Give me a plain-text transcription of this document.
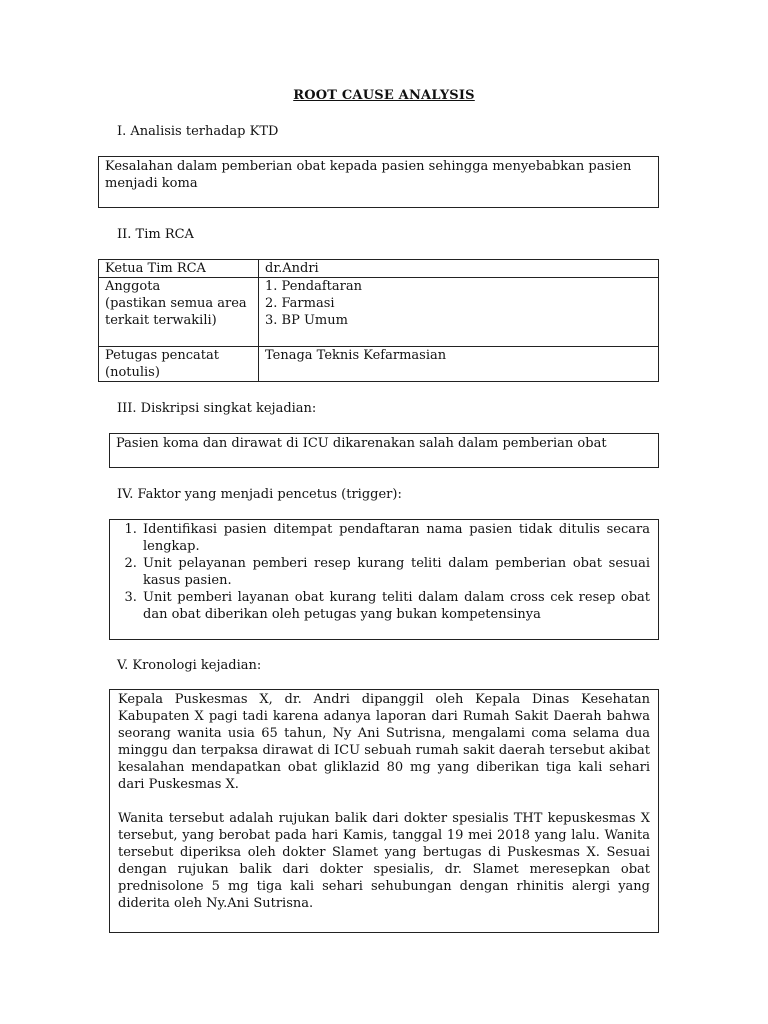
ROOT CAUSE ANALYSIS
I. Analisis terhadap KTD

Kesalahan dalam pemberian obat kepada pasien sehingga menyebabkan pasien menjadi koma

II. Tim RCA
Ketua Tim RCA	dr.Andri

Anggota
(pastikan semua area
terkait terwakili)	1. Pendaftaran
2. Farmasi
3. BP Umum

Petugas pencatat
(notulis)	Tenaga Teknis Kefarmasian
III. Diskripsi singkat kejadian:

Pasien koma dan dirawat di ICU dikarenakan salah dalam pemberian obat

IV. Faktor yang menjadi pencetus (trigger):
1. Identifikasi pasien ditempat pendaftaran nama pasien tidak ditulis secara lengkap.
2. Unit pelayanan pemberi resep kurang teliti dalam pemberian obat sesuai kasus pasien.
3. Unit pemberi layanan obat kurang teliti dalam dalam cross cek resep obat dan obat diberikan oleh petugas yang bukan kompetensinya
V. Kronologi kejadian:

Kepala Puskesmas X, dr. Andri dipanggil oleh Kepala Dinas Kesehatan Kabupaten X pagi tadi karena adanya laporan dari Rumah Sakit Daerah bahwa seorang wanita usia 65 tahun, Ny Ani Sutrisna, mengalami coma selama dua minggu dan terpaksa dirawat di ICU sebuah rumah sakit daerah tersebut akibat kesalahan mendapatkan obat gliklazid 80 mg yang diberikan tiga kali sehari dari Puskesmas X.

Wanita tersebut adalah rujukan balik dari dokter spesialis THT kepuskesmas X tersebut, yang berobat pada hari Kamis, tanggal 19 mei 2018 yang lalu. Wanita tersebut diperiksa oleh dokter Slamet yang bertugas di Puskesmas X. Sesuai dengan rujukan balik dari dokter spesialis, dr. Slamet meresepkan obat prednisolone 5 mg tiga kali sehari sehubungan dengan rhinitis alergi yang diderita oleh Ny.Ani Sutrisna.
